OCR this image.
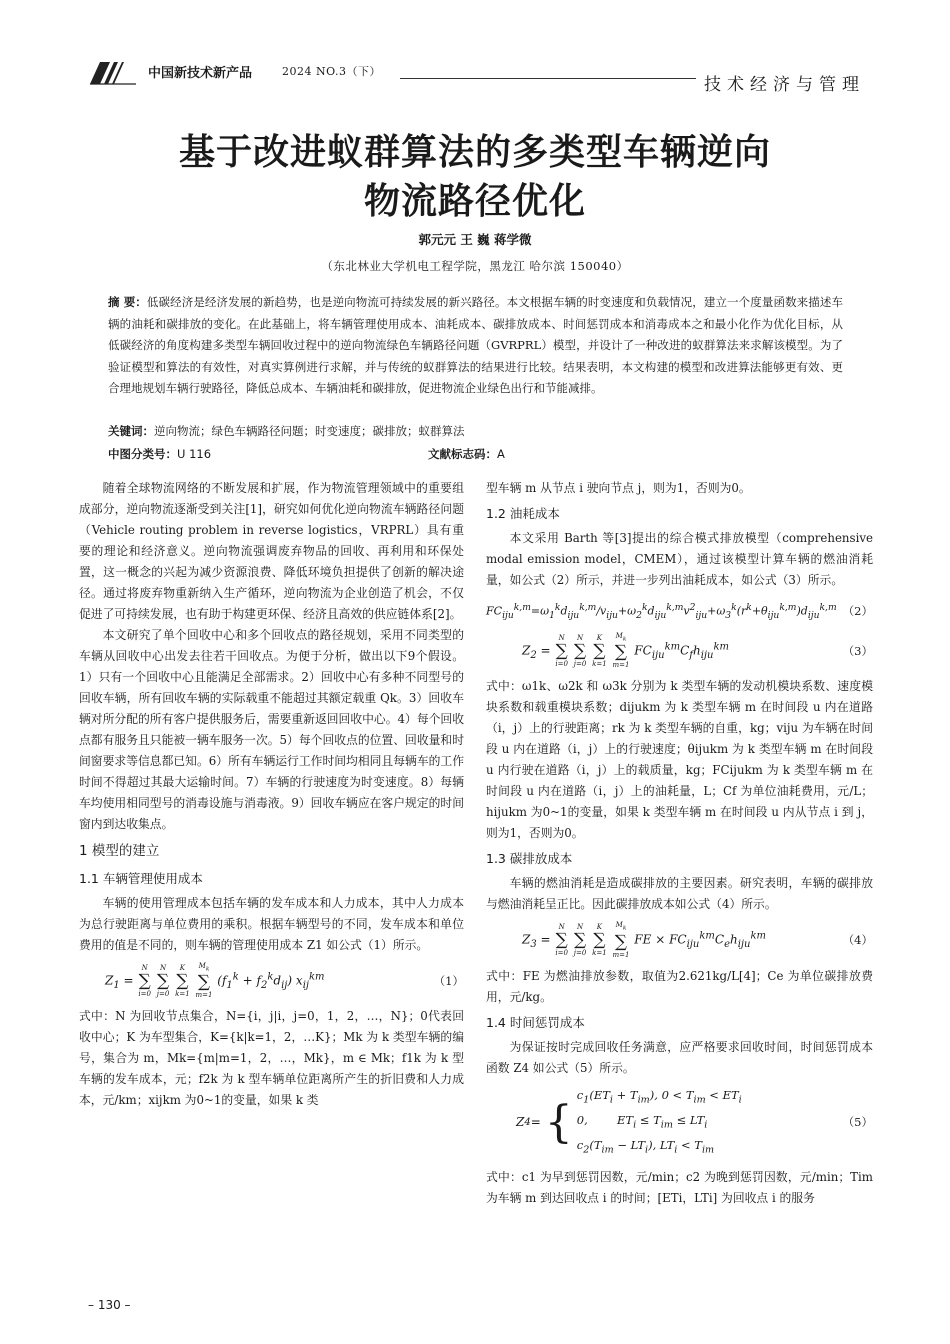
中国新技术新产品	2024 NO.3（下）
技术经济与管理
基于改进蚁群算法的多类型车辆逆向
物流路径优化
郭元元 王 巍 蒋学微
（东北林业大学机电工程学院，黑龙江 哈尔滨 150040）
摘 要：低碳经济是经济发展的新趋势，也是逆向物流可持续发展的新兴路径。本文根据车辆的时变速度和负载情况，建立一个度量函数来描述车辆的油耗和碳排放的变化。在此基础上，将车辆管理使用成本、油耗成本、碳排放成本、时间惩罚成本和消毒成本之和最小化作为优化目标，从低碳经济的角度构建多类型车辆回收过程中的逆向物流绿色车辆路径问题（GVRPRL）模型，并设计了一种改进的蚁群算法来求解该模型。为了验证模型和算法的有效性，对真实算例进行求解，并与传统的蚁群算法的结果进行比较。结果表明，本文构建的模型和改进算法能够更有效、更合理地规划车辆行驶路径，降低总成本、车辆油耗和碳排放，促进物流企业绿色出行和节能减排。
关键词：逆向物流；绿色车辆路径问题；时变速度；碳排放；蚁群算法
中图分类号：U 116	文献标志码：A

随着全球物流网络的不断发展和扩展，作为物流管理领域中的重要组成部分，逆向物流逐渐受到关注[1]，研究如何优化逆向物流车辆路径问题（Vehicle routing problem in reverse logistics，VRPRL）具有重要的理论和经济意义。逆向物流强调废弃物品的回收、再利用和环保处置，这一概念的兴起为减少资源浪费、降低环境负担提供了创新的解决途径。通过将废弃物重新纳入生产循环，逆向物流为企业创造了机会，不仅促进了可持续发展，也有助于构建更环保、经济且高效的供应链体系[2]。

本文研究了单个回收中心和多个回收点的路径规划，采用不同类型的车辆从回收中心出发去往若干回收点。为便于分析，做出以下9个假设。1）只有一个回收中心且能满足全部需求。2）回收中心有多种不同型号的回收车辆，所有回收车辆的实际载重不能超过其额定载重 Qk。3）回收车辆对所分配的所有客户提供服务后，需要重新返回回收中心。4）每个回收点都有服务且只能被一辆车服务一次。5）每个回收点的位置、回收量和时间窗要求等信息都已知。6）所有车辆运行工作时间均相同且每辆车的工作时间不得超过其最大运输时间。7）车辆的行驶速度为时变速度。8）每辆车均使用相同型号的消毒设施与消毒液。9）回收车辆应在客户规定的时间窗内到达收集点。

1 模型的建立
1.1 车辆管理使用成本

车辆的使用管理成本包括车辆的发车成本和人力成本，其中人力成本为总行驶距离与单位费用的乘积。根据车辆型号的不同，发车成本和单位费用的值是不同的，则车辆的管理使用成本 Z1 如公式（1）所示。

$Z_1$ =
N
∑
i=0

N
∑
j=0

K
∑
k=1

$M_k$
∑
m=1
$(f_1^k + f_2^kd_{ij})$ $x_{ij}^{km}$	（1）

式中：N 为回收节点集合，N={i，j|i，j=0，1，2，…，N}；0代表回收中心；K 为车型集合，K={k|k=1，2，…K}；Mk 为 k 类型车辆的编号，集合为 m，Mk={m|m=1，2，…，Mk}，m ∈ Mk；f1k 为 k 型车辆的发车成本，元；f2k 为 k 型车辆单位距离所产生的折旧费和人力成本，元/km；xijkm 为0~1的变量，如果 k 类

型车辆 m 从节点 i 驶向节点 j，则为1，否则为0。

1.2 油耗成本

本文采用 Barth 等[3]提出的综合模式排放模型（comprehensive modal emission model，CMEM），通过该模型计算车辆的燃油消耗量，如公式（2）所示，并进一步列出油耗成本，如公式（3）所示。

$FC_{iju}^{k,m}=\omega_1^kd_{iju}^{k,m}/v_{iju}+\omega_2^kd_{iju}^{k,m}v^2_{iju}+\omega_3^k(r^k+\theta_{iju}^{k,m})d_{iju}^{k,m}$ （2）
$Z_2$ =
N
∑
i=0

N
∑
j=0

K
∑
k=1

$M_k$
∑
m=1
$FC_{iju}^{km}C_fh_{iju}^{km}$	（3）

式中：ω1k、ω2k 和 ω3k 分别为 k 类型车辆的发动机模块系数、速度模块系数和载重模块系数；dijukm 为 k 类型车辆 m 在时间段 u 内在道路（i，j）上的行驶距离；rk 为 k 类型车辆的自重，kg；viju 为车辆在时间段 u 内在道路（i，j）上的行驶速度；θijukm 为 k 类型车辆 m 在时间段 u 内行驶在道路（i，j）上的载质量，kg；FCijukm 为 k 类型车辆 m 在时间段 u 内在道路（i，j）上的油耗量，L；Cf 为单位油耗费用，元/L；hijukm 为0~1的变量，如果 k 类型车辆 m 在时间段 u 内从节点 i 到 j，则为1，否则为0。

1.3 碳排放成本

车辆的燃油消耗是造成碳排放的主要因素。研究表明，车辆的碳排放与燃油消耗呈正比。因此碳排放成本如公式（4）所示。

$Z_3$ =
N
∑
i=0

N
∑
j=0

K
∑
k=1

$M_k$
∑
m=1
FE × $FC_{iju}^{km}C_eh_{iju}^{km}$	（4）

式中：FE 为燃油排放参数，取值为2.621kg/L[4]；Ce 为单位碳排放费用，元/kg。

1.4 时间惩罚成本

为保证按时完成回收任务满意，应严格要求回收时间，时间惩罚成本函数 Z4 如公式（5）所示。

Z 4 = {
$c_1(ET_i + T_{im})$, $0 < T_{im} < ET_i$
0,        $ET_i \le T_{im} \le LT_i$
$c_2(T_{im} - LT_i)$, $LT_i < T_{im}$
（5）

式中：c1 为早到惩罚因数，元/min；c2 为晚到惩罚因数，元/min；Tim 为车辆 m 到达回收点 i 的时间；[ETi，LTi] 为回收点 i 的服务

– 130 –
